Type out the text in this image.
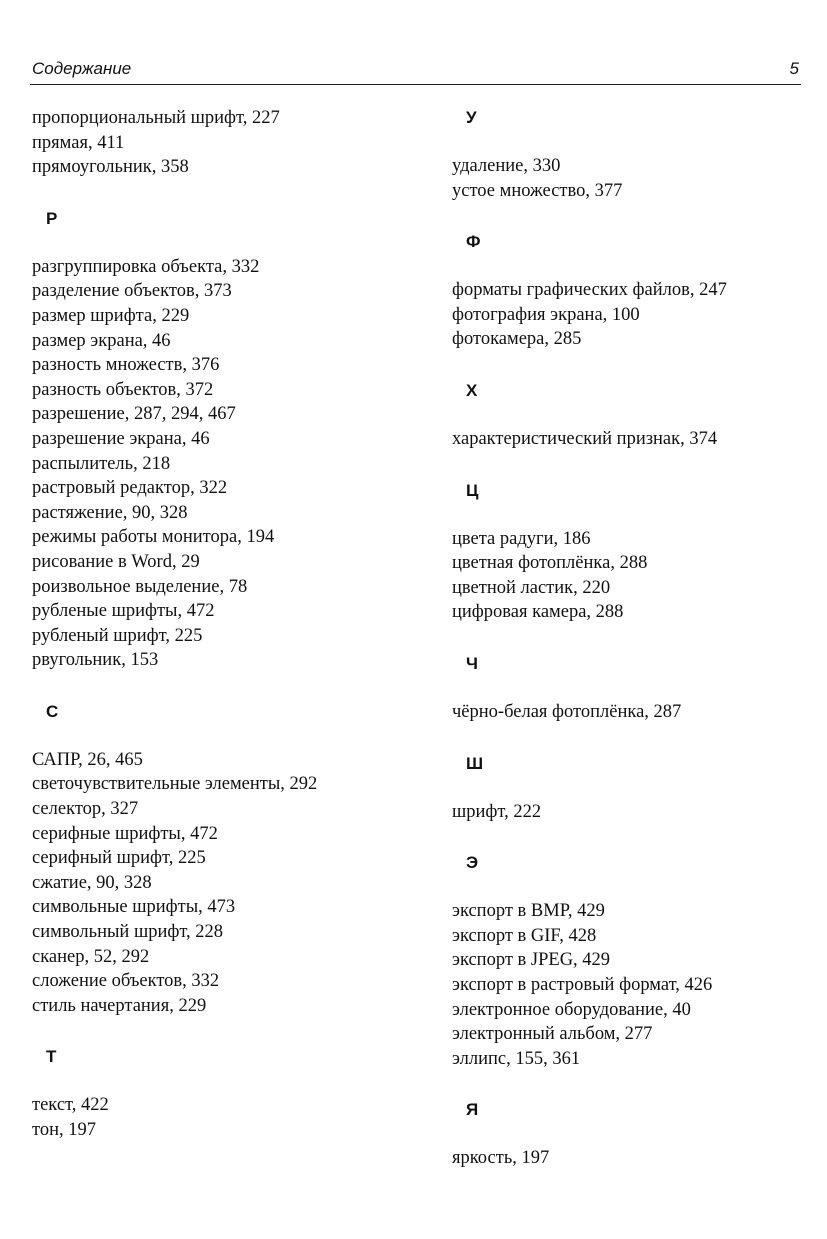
Содержание	5
пропорциональный шрифт, 227
прямая, 411
прямоугольник, 358
Р
разгруппировка объекта, 332
разделение объектов, 373
размер шрифта, 229
размер экрана, 46
разность множеств, 376
разность объектов, 372
разрешение, 287, 294, 467
разрешение экрана, 46
распылитель, 218
растровый редактор, 322
растяжение, 90, 328
режимы работы монитора, 194
рисование в Word, 29
роизвольное выделение, 78
рубленые шрифты, 472
рубленый шрифт, 225
рвугольник, 153
С
САПР, 26, 465
светочувствительные элементы, 292
селектор, 327
серифные шрифты, 472
серифный шрифт, 225
сжатие, 90, 328
символьные шрифты, 473
символьный шрифт, 228
сканер, 52, 292
сложение объектов, 332
стиль начертания, 229
Т
текст, 422
тон, 197
У
удаление, 330
устое множество, 377
Ф
форматы графических файлов, 247
фотография экрана, 100
фотокамера, 285
Х
характеристический признак, 374
Ц
цвета радуги, 186
цветная фотоплёнка, 288
цветной ластик, 220
цифровая камера, 288
Ч
чёрно-белая фотоплёнка, 287
Ш
шрифт, 222
Э
экспорт в BMP, 429
экспорт в GIF, 428
экспорт в JPEG, 429
экспорт в растровый формат, 426
электронное оборудование, 40
электронный альбом, 277
эллипс, 155, 361
Я
яркость, 197
